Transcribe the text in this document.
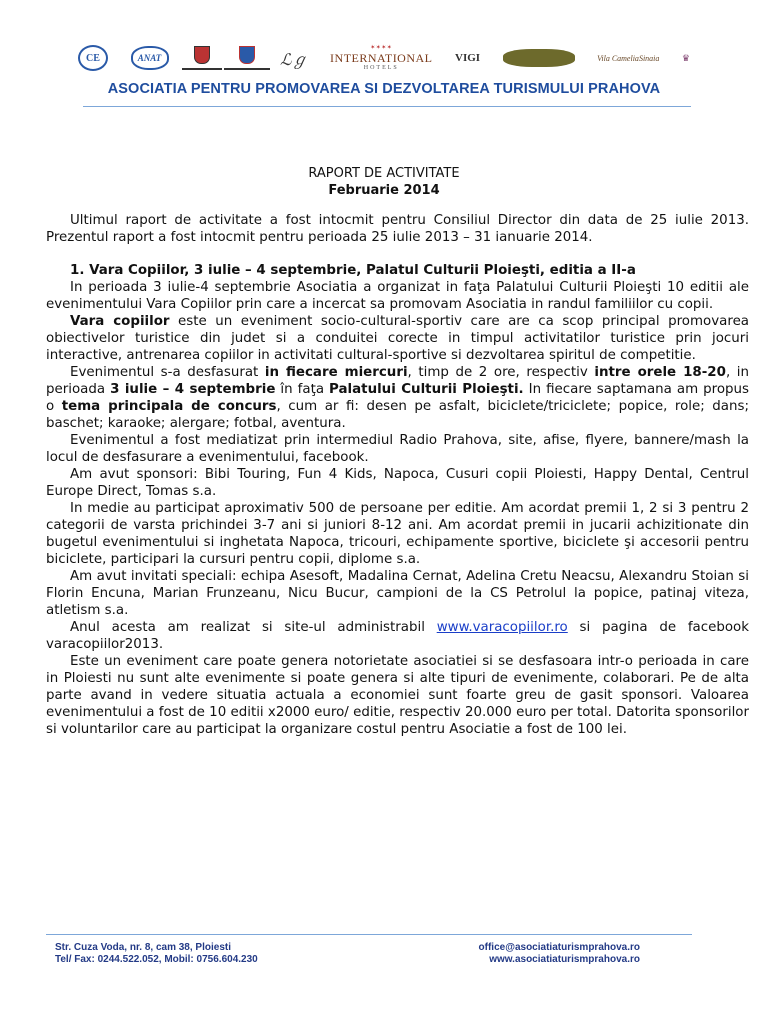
CE	ANAT	ℒℊ
✶✶✶✶
INTERNATIONAL
HOTELS
VIGI	Vila Camelia Sinaia	♛
ASOCIATIA PENTRU PROMOVAREA SI DEZVOLTAREA TURISMULUI PRAHOVA
RAPORT DE ACTIVITATE
Februarie 2014

Ultimul raport de activitate a fost intocmit pentru Consiliul Director din data de 25 iulie 2013. Prezentul raport a fost intocmit pentru perioada 25 iulie 2013 – 31 ianuarie 2014.

1. Vara Copiilor, 3 iulie – 4 septembrie, Palatul Culturii Ploieşti, editia a II-a

In perioada 3 iulie-4 septembrie Asociatia a organizat in faţa Palatului Culturii Ploieşti 10 editii ale evenimentului Vara Copiilor prin care a incercat sa promovam Asociatia in randul familiilor cu copii.

Vara copiilor este un eveniment socio-cultural-sportiv care are ca scop principal promovarea obiectivelor turistice din judet si a conduitei corecte in timpul activitatilor turistice prin jocuri interactive, antrenarea copiilor in activitati cultural-sportive si dezvoltarea spiritul de competitie.

Evenimentul s-a desfasurat in fiecare miercuri, timp de 2 ore, respectiv intre orele 18-20, in perioada 3 iulie – 4 septembrie în faţa Palatului Culturii Ploieşti. In fiecare saptamana am propus o tema principala de concurs, cum ar fi: desen pe asfalt, biciclete/triciclete; popice, role; dans; baschet; karaoke; alergare; fotbal, aventura.

Evenimentul a fost mediatizat prin intermediul Radio Prahova, site, afise, flyere, bannere/mash la locul de desfasurare a evenimentului, facebook.

Am avut sponsori: Bibi Touring, Fun 4 Kids, Napoca, Cusuri copii Ploiesti, Happy Dental, Centrul Europe Direct, Tomas s.a.

In medie au participat aproximativ 500 de persoane per editie. Am acordat premii 1, 2 si 3 pentru 2 categorii de varsta prichindei 3-7 ani si juniori 8-12 ani. Am acordat premii in jucarii achizitionate din bugetul evenimentului si inghetata Napoca, tricouri, echipamente sportive, biciclete şi accesorii pentru biciclete, participari la cursuri pentru copii, diplome s.a.

Am avut invitati speciali: echipa Asesoft, Madalina Cernat, Adelina Cretu Neacsu, Alexandru Stoian si Florin Encuna, Marian Frunzeanu, Nicu Bucur, campioni de la CS Petrolul la popice, patinaj viteza, atletism s.a.

Anul acesta am realizat si site-ul administrabil www.varacopiilor.ro si pagina de facebook varacopiilor2013.

Este un eveniment care poate genera notorietate asociatiei si se desfasoara intr-o perioada in care in Ploiesti nu sunt alte evenimente si poate genera si alte tipuri de evenimente, colaborari. Pe de alta parte avand in vedere situatia actuala a economiei sunt foarte greu de gasit sponsori. Valoarea evenimentului a fost de 10 editii x2000 euro/ editie, respectiv 20.000 euro per total. Datorita sponsorilor si voluntarilor care au participat la organizare costul pentru Asociatie a fost de 100 lei.

Str. Cuza Voda, nr. 8, cam 38, Ploiesti
Tel/ Fax: 0244.522.052, Mobil: 0756.604.230
office@asociatiaturismprahova.ro
www.asociatiaturismprahova.ro
